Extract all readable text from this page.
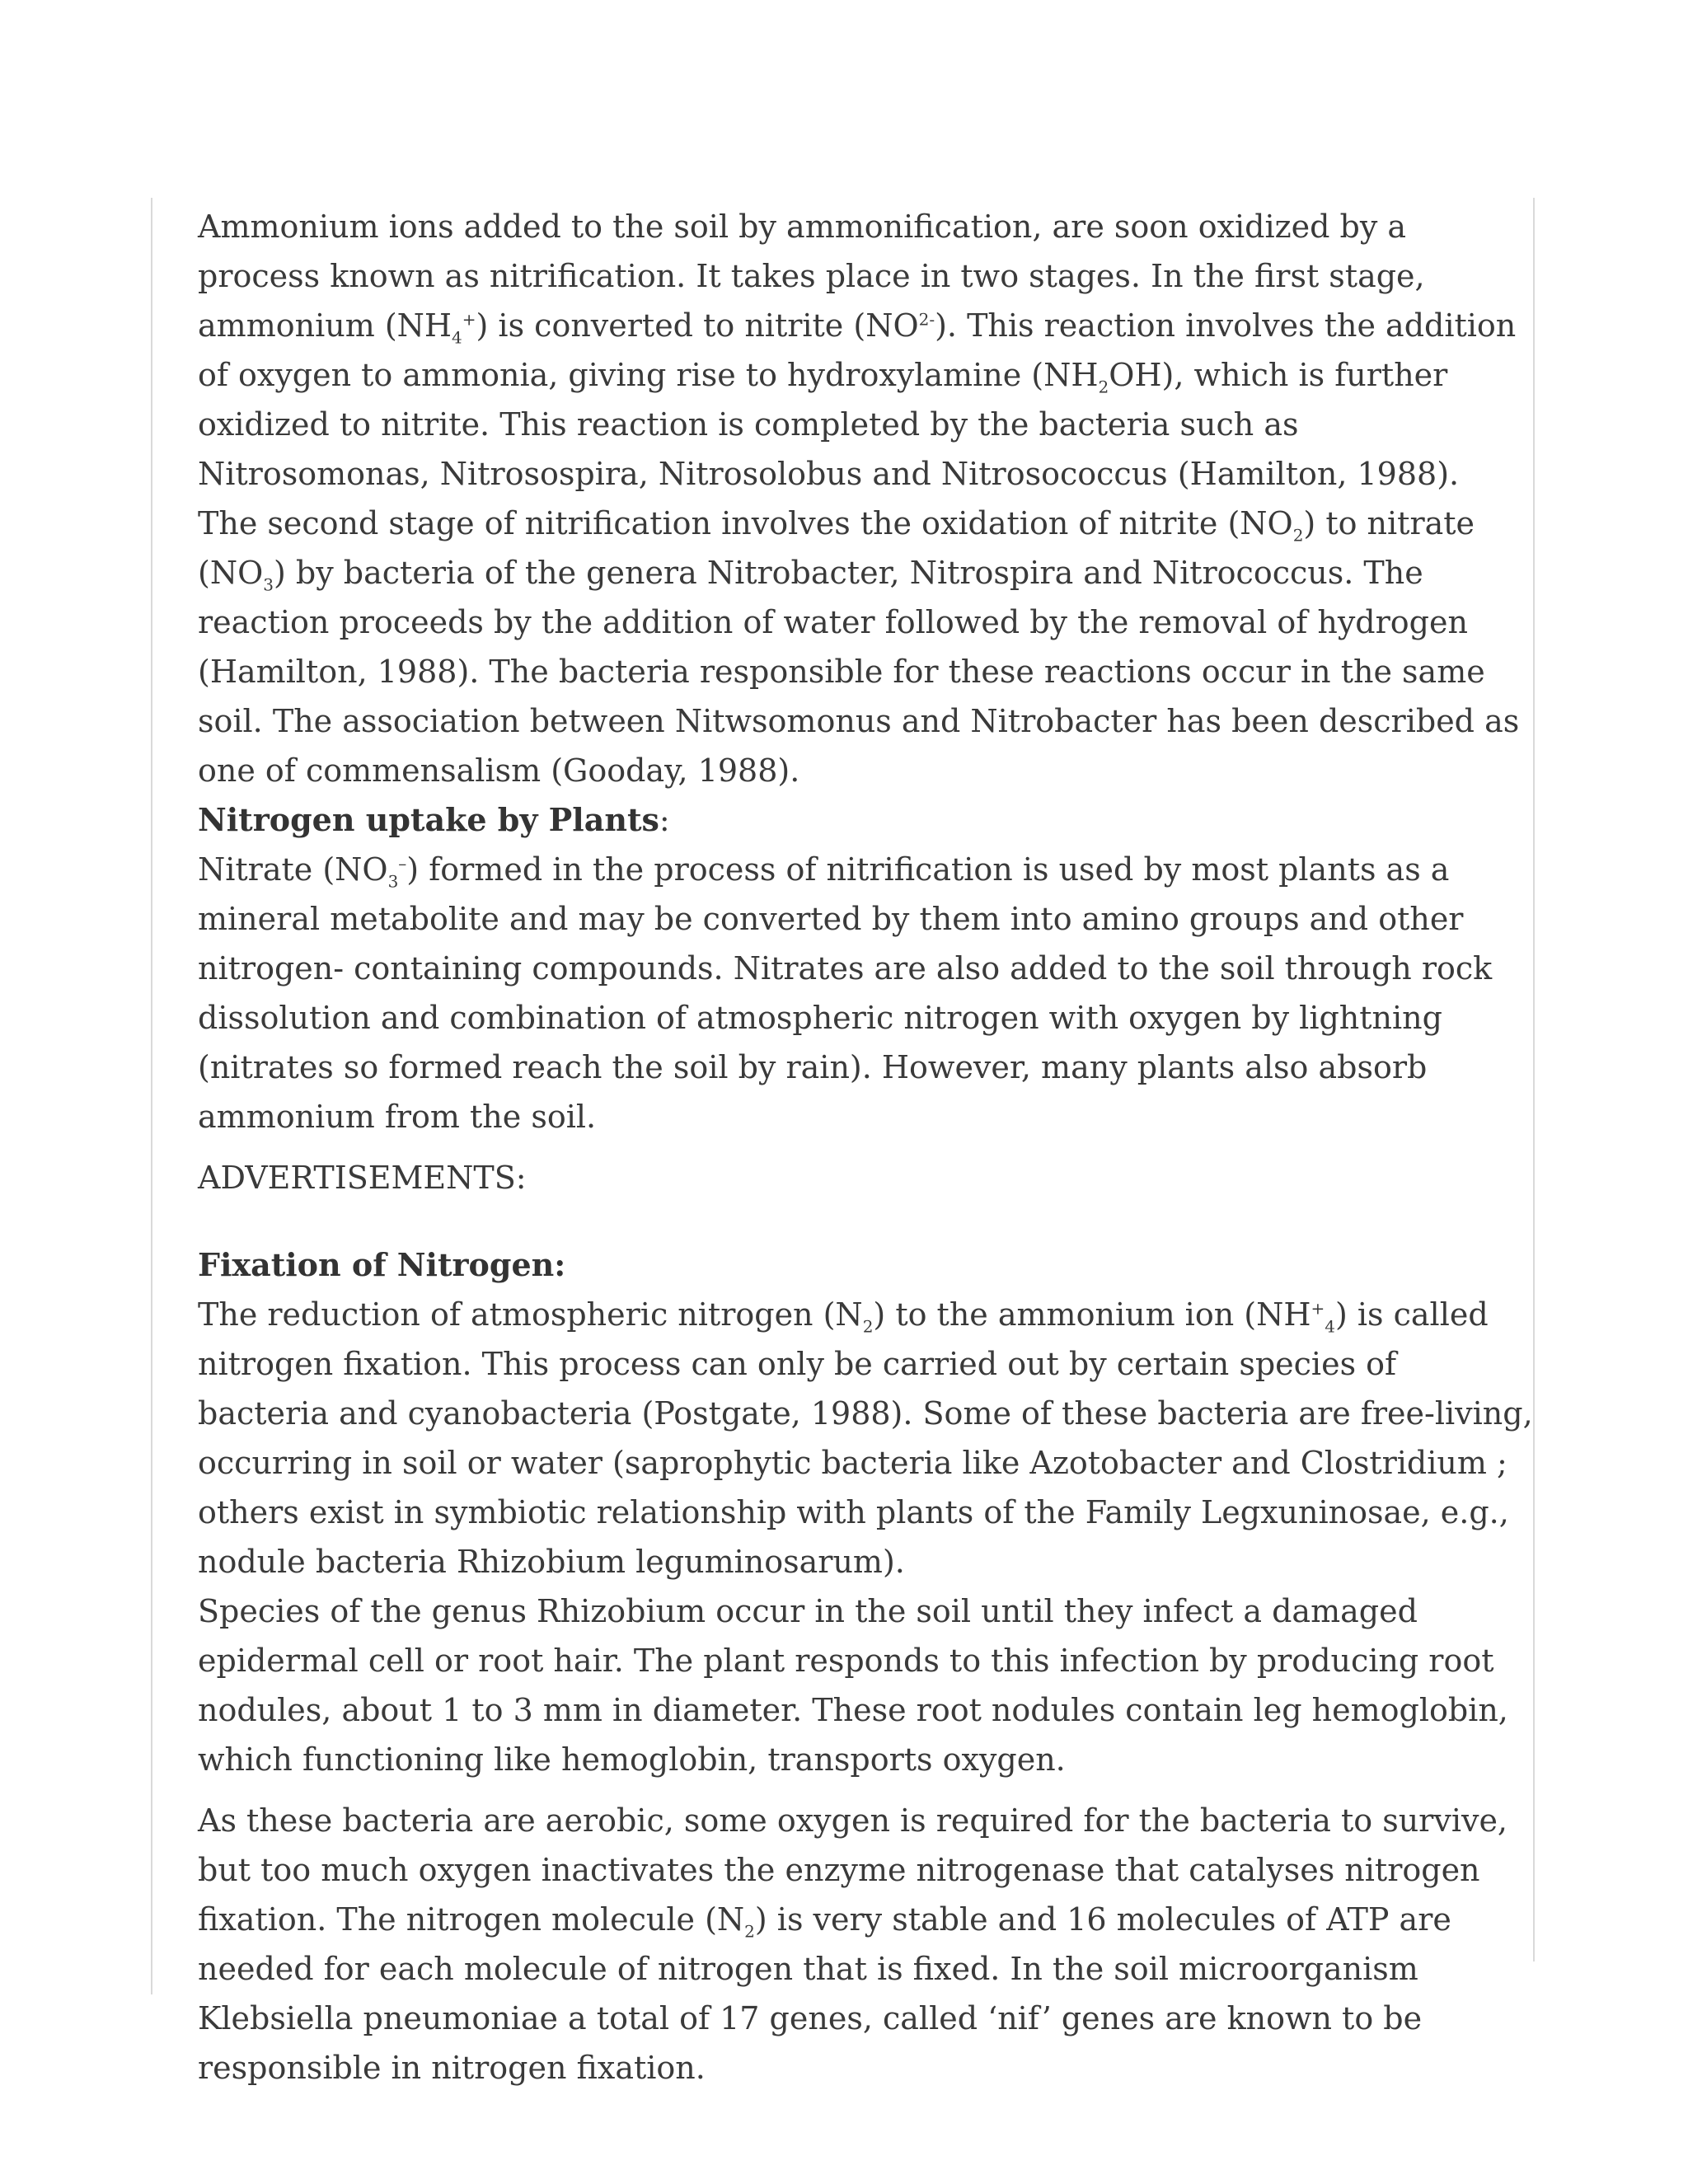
Ammonium ions added to the soil by ammonification, are soon oxidized by a process known as nitrification. It takes place in two stages. In the first stage, ammonium $(NH_4^+)$ is converted to nitrite $(NO^{2-})$. This reaction involves the addition of oxygen to ammonia, giving rise to hydroxylamine $(NH_2OH)$, which is further oxidized to nitrite. This reaction is completed by the bacteria such as Nitrosomonas, Nitrosospira, Nitrosolobus and Nitrosococcus (Hamilton, 1988).

The second stage of nitrification involves the oxidation of nitrite $(NO_2)$ to nitrate $(NO_3)$ by bacteria of the genera Nitrobacter, Nitrospira and Nitrococcus. The reaction proceeds by the addition of water followed by the removal of hydrogen (Hamilton, 1988). The bacteria responsible for these reactions occur in the same soil. The association between Nitwsomonus and Nitrobacter has been described as one of commensalism (Gooday, 1988).

Nitrogen uptake by Plants:

Nitrate $(NO_3^-)$ formed in the process of nitrification is used by most plants as a mineral metabolite and may be converted by them into amino groups and other nitrogen- containing compounds. Nitrates are also added to the soil through rock dissolution and combination of atmospheric nitrogen with oxygen by lightning (nitrates so formed reach the soil by rain). However, many plants also absorb ammonium from the soil.

ADVERTISEMENTS:

Fixation of Nitrogen:

The reduction of atmospheric nitrogen $(N_2)$ to the ammonium ion $(NH^+_4)$ is called nitrogen fixation. This process can only be carried out by certain species of bacteria and cyanobacteria (Postgate, 1988). Some of these bacteria are free-living, occurring in soil or water (saprophytic bacteria like Azotobacter and Clostridium ; others exist in symbiotic relationship with plants of the Family Legxuninosae, e.g., nodule bacteria Rhizobium leguminosarum).

Species of the genus Rhizobium occur in the soil until they infect a damaged epidermal cell or root hair. The plant responds to this infection by producing root nodules, about 1 to 3 mm in diameter. These root nodules contain leg hemoglobin, which functioning like hemoglobin, transports oxygen.

As these bacteria are aerobic, some oxygen is required for the bacteria to survive, but too much oxygen inactivates the enzyme nitrogenase that catalyses nitrogen fixation. The nitrogen molecule $(N_2)$ is very stable and 16 molecules of ATP are needed for each molecule of nitrogen that is fixed. In the soil microorganism Klebsiella pneumoniae a total of 17 genes, called ‘nif’ genes are known to be responsible in nitrogen fixation.
